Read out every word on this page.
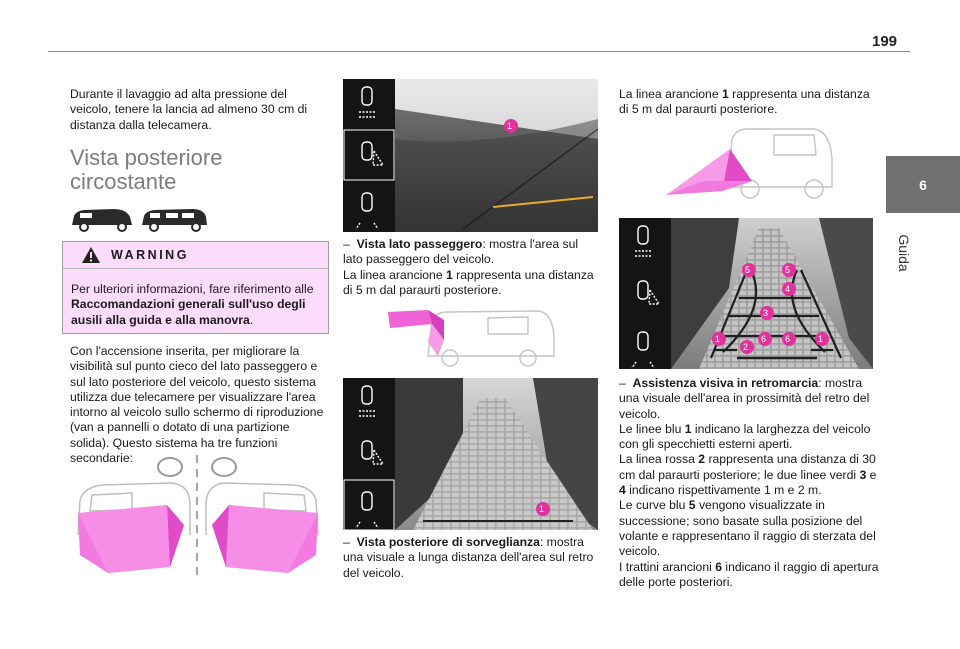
199
6
Guida

Durante il lavaggio ad alta pressione del veicolo, tenere la lancia ad almeno 30 cm di distanza dalla telecamera.

Vista posteriore circostante
WARNING

Per ulteriori informazioni, fare riferimento alle Raccomandazioni generali sull'uso degli ausili alla guida e alla manovra.

Con l'accensione inserita, per migliorare la visibilità sul punto cieco del lato passeggero e sul lato posteriore del veicolo, questo sistema utilizza due telecamere per visualizzare l'area intorno al veicolo sullo schermo di riproduzione (van a pannelli o dotato di una partizione solida). Questo sistema ha tre funzioni secondarie:

1

– Vista lato passeggero: mostra l'area sul lato passeggero del veicolo.
La linea arancione 1 rappresenta una distanza di 5 m dal paraurti posteriore.

1

– Vista posteriore di sorveglianza: mostra una visuale a lunga distanza dell'area sul retro del veicolo.

La linea arancione 1 rappresenta una distanza di 5 m dal paraurti posteriore.

5	5
4
3
1
2
6 6	1

– Assistenza visiva in retromarcia: mostra una visuale dell'area in prossimità del retro del veicolo.
Le linee blu 1 indicano la larghezza del veicolo con gli specchietti esterni aperti.
La linea rossa 2 rappresenta una distanza di 30 cm dal paraurti posteriore; le due linee verdi 3 e 4 indicano rispettivamente 1 m e 2 m.
Le curve blu 5 vengono visualizzate in successione; sono basate sulla posizione del volante e rappresentano il raggio di sterzata del veicolo.
I trattini arancioni 6 indicano il raggio di apertura delle porte posteriori.
